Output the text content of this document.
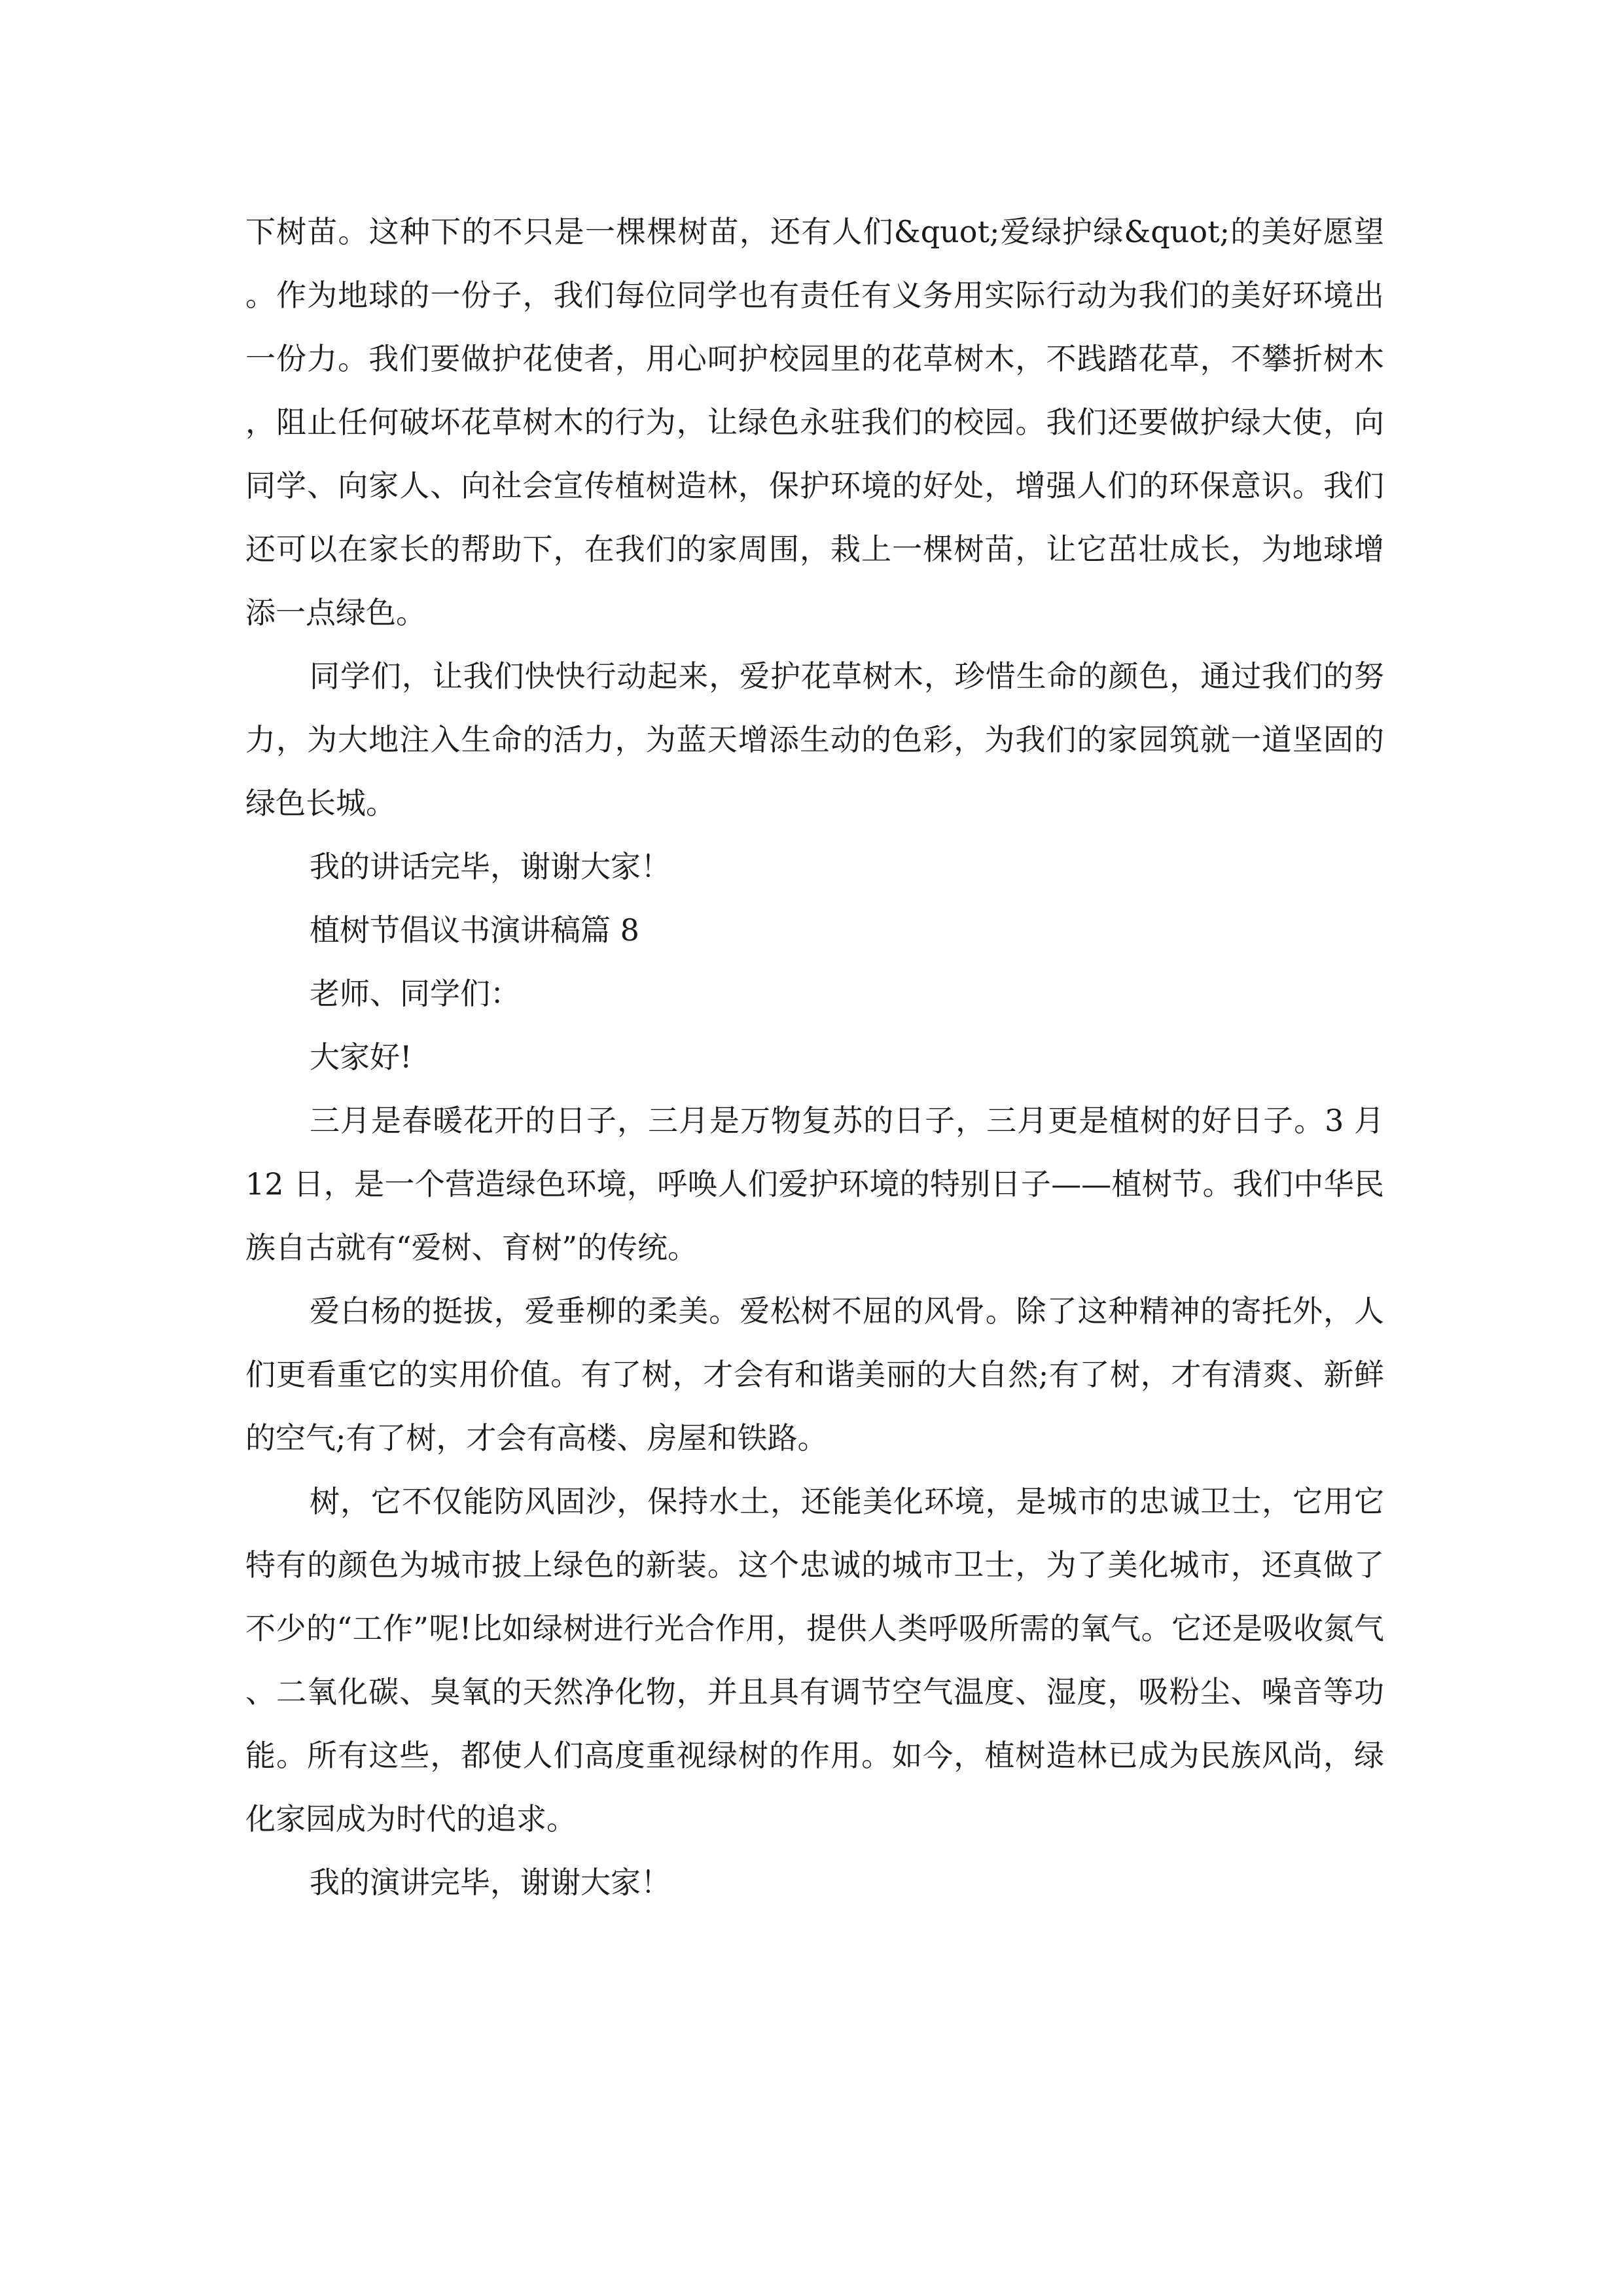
下树苗。这种下的不只是一棵棵树苗，还有人们&quot;爱绿护绿&quot;的美好愿望。作为地球的一份子，我们每位同学也有责任有义务用实际行动为我们的美好环境出一份力。我们要做护花使者，用心呵护校园里的花草树木，不践踏花草，不攀折树木，阻止任何破坏花草树木的行为，让绿色永驻我们的校园。我们还要做护绿大使，向同学、向家人、向社会宣传植树造林，保护环境的好处，增强人们的环保意识。我们还可以在家长的帮助下，在我们的家周围，栽上一棵树苗，让它茁壮成长，为地球增添一点绿色。

同学们，让我们快快行动起来，爱护花草树木，珍惜生命的颜色，通过我们的努力，为大地注入生命的活力，为蓝天增添生动的色彩，为我们的家园筑就一道坚固的绿色长城。

我的讲话完毕，谢谢大家！

植树节倡议书演讲稿篇 8

老师、同学们：

大家好!

三月是春暖花开的日子，三月是万物复苏的日子，三月更是植树的好日子。3 月 12 日，是一个营造绿色环境，呼唤人们爱护环境的特别日子——植树节。我们中华民族自古就有“爱树、育树”的传统。

爱白杨的挺拔，爱垂柳的柔美。爱松树不屈的风骨。除了这种精神的寄托外，人们更看重它的实用价值。有了树，才会有和谐美丽的大自然;有了树，才有清爽、新鲜的空气;有了树，才会有高楼、房屋和铁路。

树，它不仅能防风固沙，保持水土，还能美化环境，是城市的忠诚卫士，它用它特有的颜色为城市披上绿色的新装。这个忠诚的城市卫士，为了美化城市，还真做了不少的“工作”呢!比如绿树进行光合作用，提供人类呼吸所需的氧气。它还是吸收氮气、二氧化碳、臭氧的天然净化物，并且具有调节空气温度、湿度，吸粉尘、噪音等功能。所有这些，都使人们高度重视绿树的作用。如今，植树造林已成为民族风尚，绿化家园成为时代的追求。

我的演讲完毕，谢谢大家！
